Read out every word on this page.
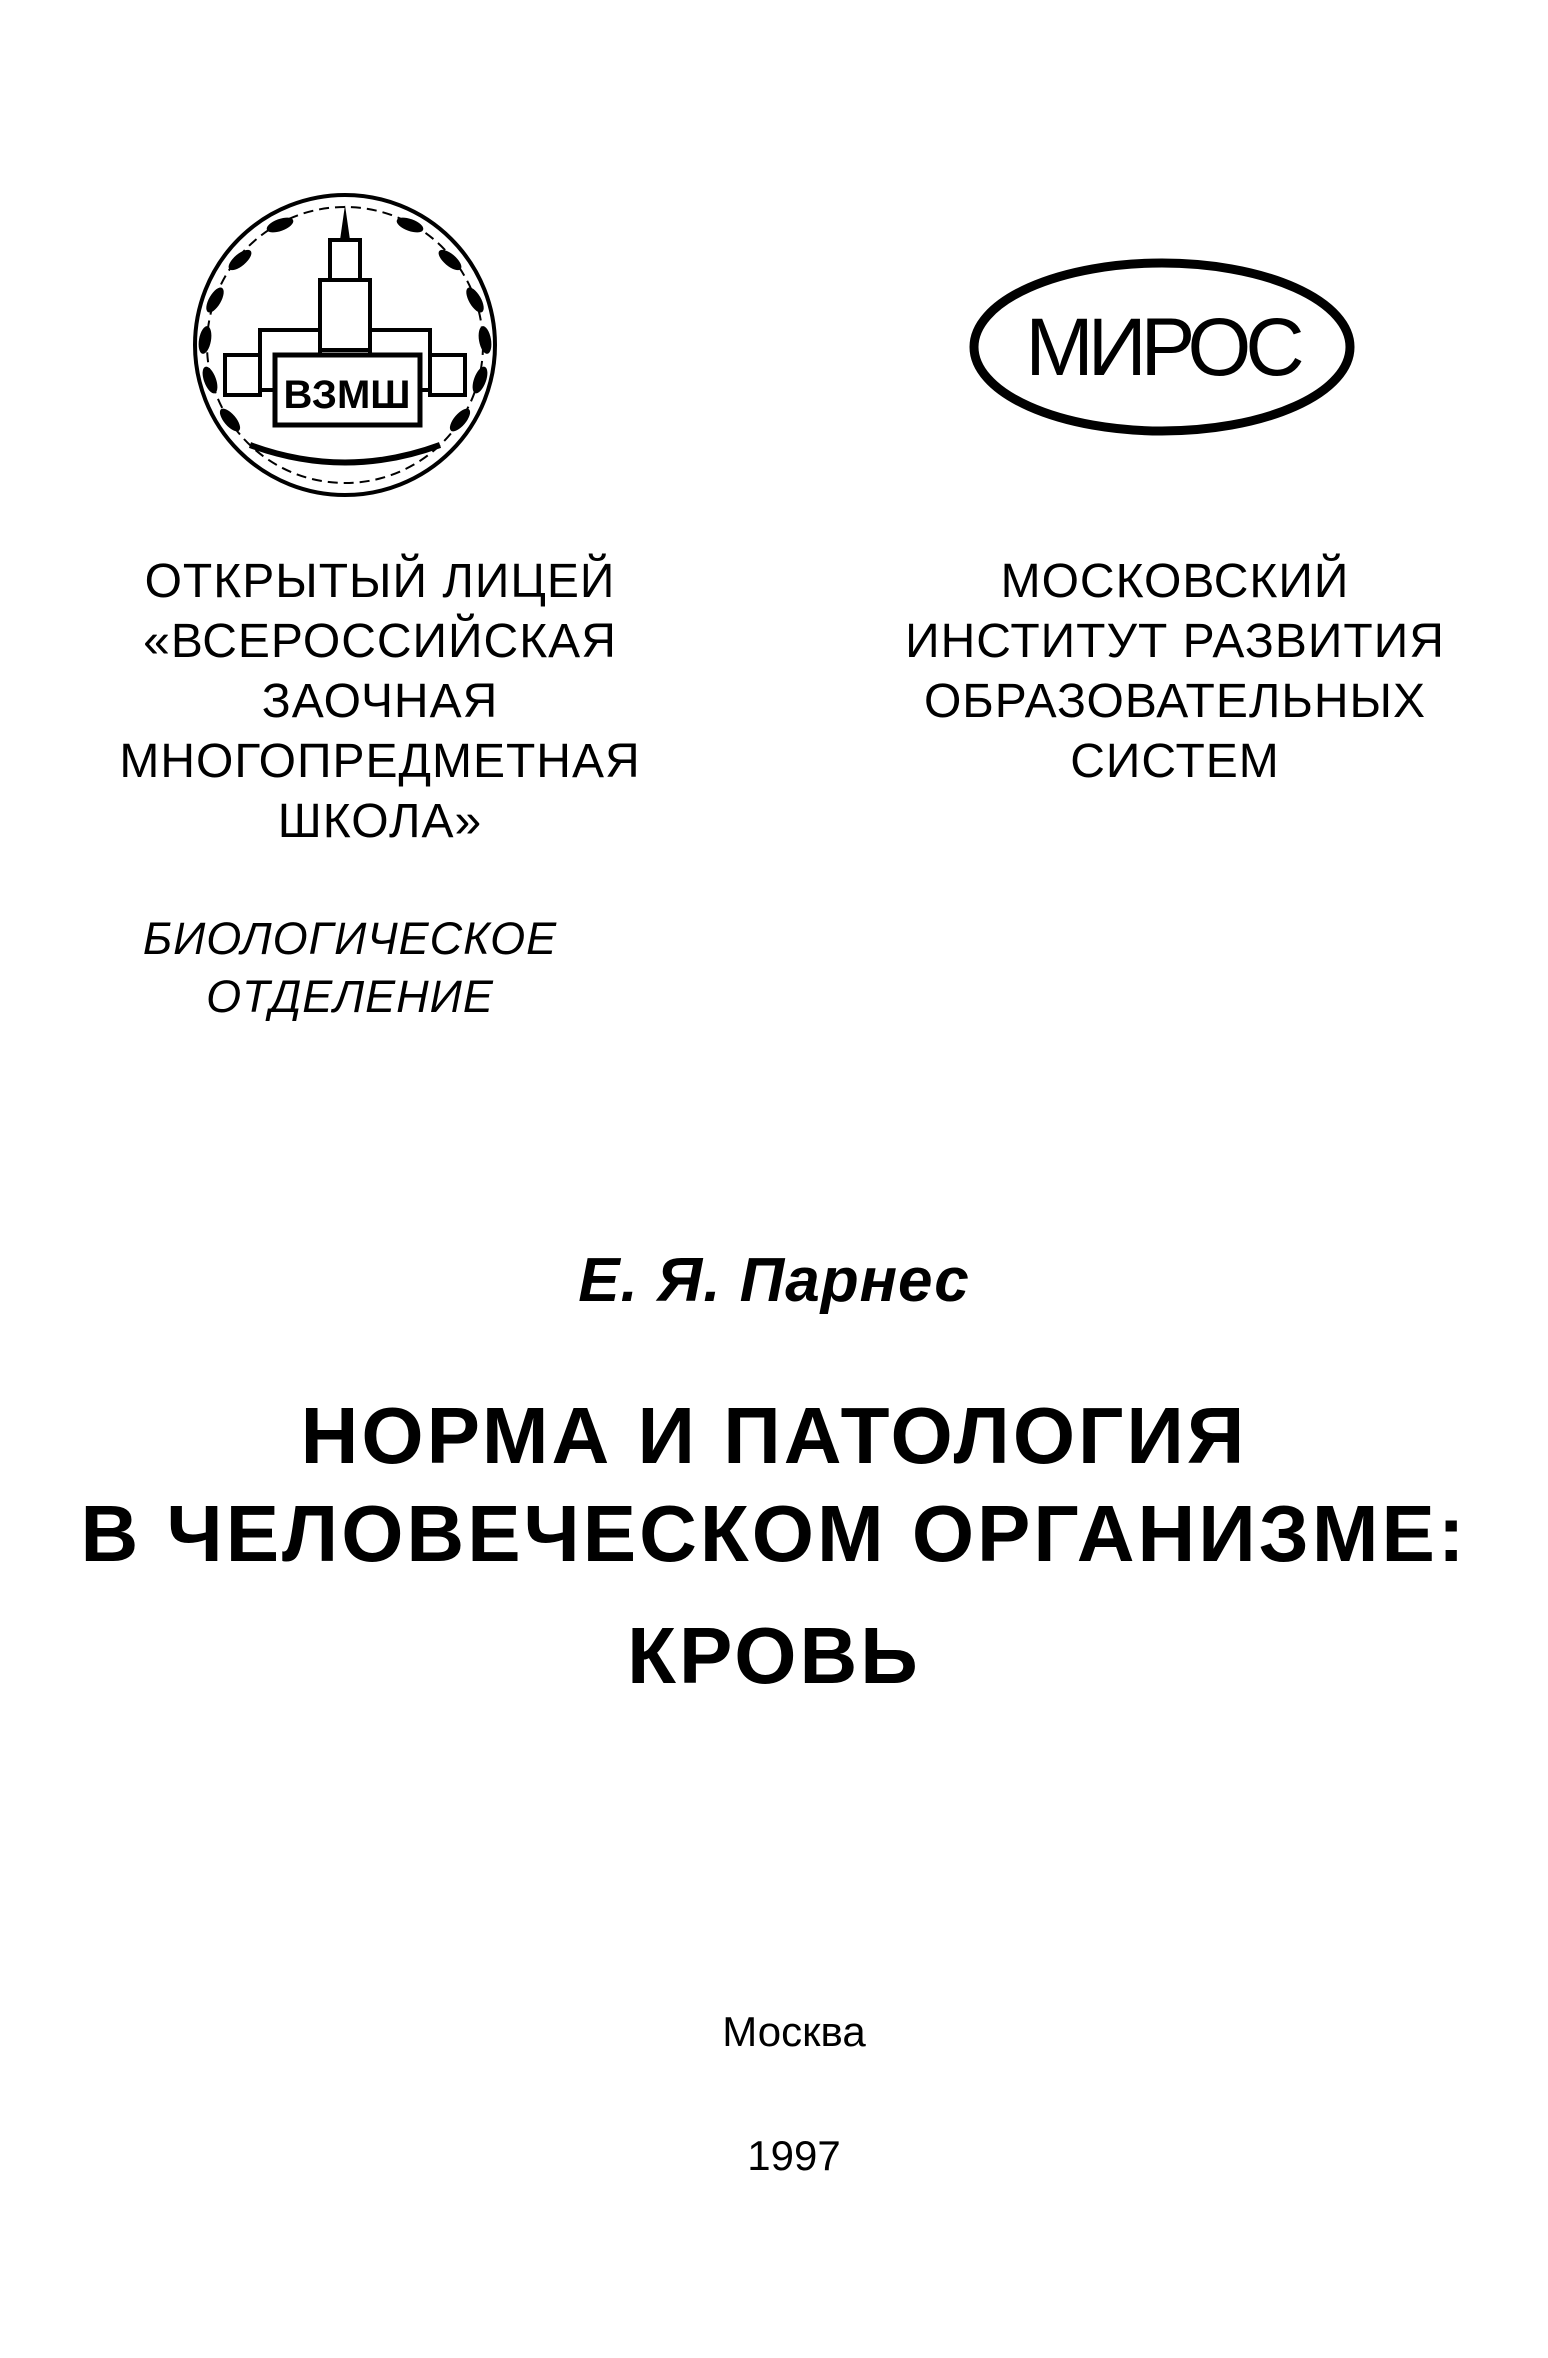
ВЗМШ
МИРОС
ОТКРЫТЫЙ ЛИЦЕЙ
«ВСЕРОССИЙСКАЯ
ЗАОЧНАЯ
МНОГОПРЕДМЕТНАЯ
ШКОЛА»
МОСКОВСКИЙ
ИНСТИТУТ РАЗВИТИЯ
ОБРАЗОВАТЕЛЬНЫХ
СИСТЕМ
БИОЛОГИЧЕСКОЕ
ОТДЕЛЕНИЕ
Е. Я. Парнес
НОРМА И ПАТОЛОГИЯ
В ЧЕЛОВЕЧЕСКОМ ОРГАНИЗМЕ:
КРОВЬ
Москва
1997
